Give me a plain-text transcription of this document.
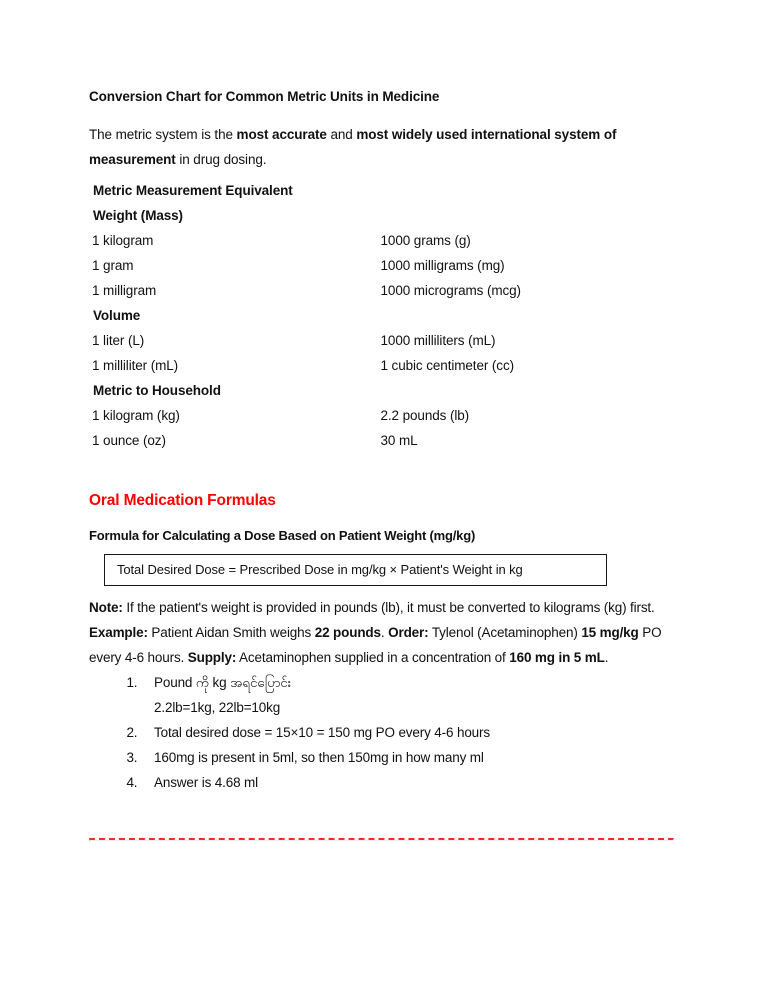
Conversion Chart for Common Metric Units in Medicine

The metric system is the most accurate and most widely used international system of measurement in drug dosing.

Metric Measurement Equivalent

Weight (Mass)	
1 kilogram	1000 grams (g)
1 gram	1000 milligrams (mg)
1 milligram	1000 micrograms (mcg)
Volume	
1 liter (L)	1000 milliliters (mL)
1 milliliter (mL)	1 cubic centimeter (cc)
Metric to Household	
1 kilogram (kg)	2.2 pounds (lb)
1 ounce (oz)	30 mL
Oral Medication Formulas

Formula for Calculating a Dose Based on Patient Weight (mg/kg)

Total Desired Dose = Prescribed Dose in mg/kg × Patient's Weight in kg

Note: If the patient's weight is provided in pounds (lb), it must be converted to kilograms (kg) first.

Example: Patient Aidan Smith weighs 22 pounds. Order: Tylenol (Acetaminophen) 15 mg/kg PO every 4-6 hours. Supply: Acetaminophen supplied in a concentration of 160 mg in 5 mL.

1. Pound ကို kg အရင်ပြောင်း
2.2lb=1kg, 22lb=10kg
2. Total desired dose = 15×10 = 150 mg PO every 4-6 hours
3. 160mg is present in 5ml, so then 150mg in how many ml
4. Answer is 4.68 ml
